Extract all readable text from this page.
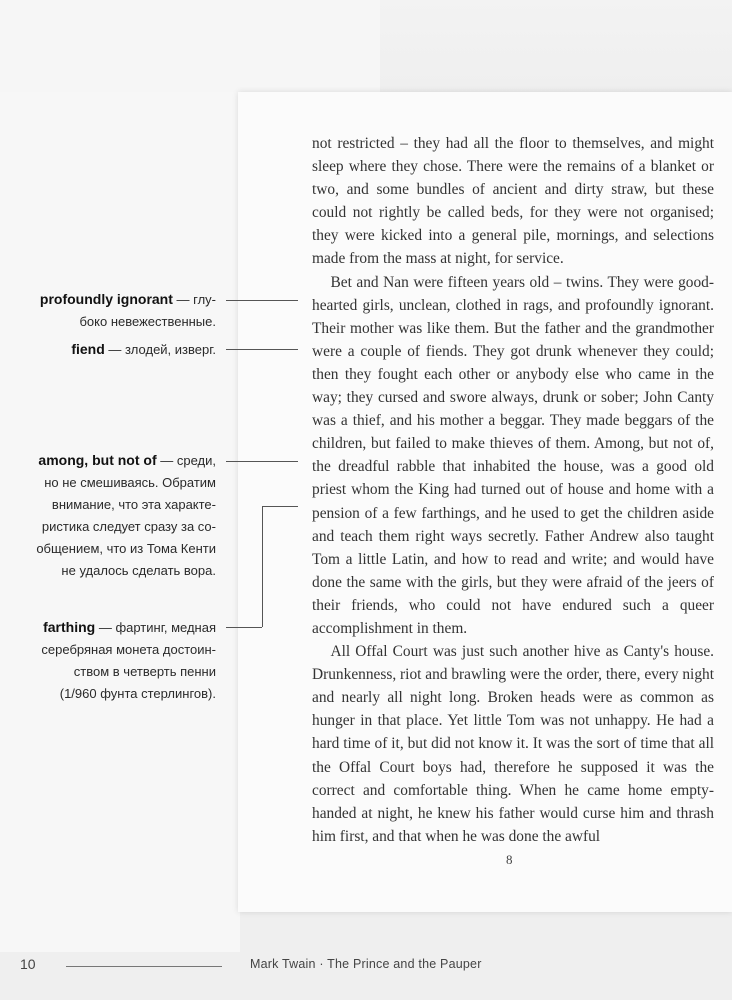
not restricted – they had all the floor to themselves, and might sleep where they chose. There were the remains of a blanket or two, and some bundles of ancient and dirty straw, but these could not rightly be called beds, for they were not organised; they were kicked into a general pile, mornings, and selections made from the mass at night, for service.

Bet and Nan were fifteen years old – twins. They were good-hearted girls, unclean, clothed in rags, and profoundly ignorant. Their mother was like them. But the father and the grandmother were a couple of fiends. They got drunk whenever they could; then they fought each other or anybody else who came in the way; they cursed and swore always, drunk or sober; John Canty was a thief, and his mother a beggar. They made beggars of the children, but failed to make thieves of them. Among, but not of, the dreadful rabble that inhabited the house, was a good old priest whom the King had turned out of house and home with a pension of a few farthings, and he used to get the children aside and teach them right ways secretly. Father Andrew also taught Tom a little Latin, and how to read and write; and would have done the same with the girls, but they were afraid of the jeers of their friends, who could not have endured such a queer accomplishment in them.

All Offal Court was just such another hive as Canty's house. Drunkenness, riot and brawling were the order, there, every night and nearly all night long. Broken heads were as common as hunger in that place. Yet little Tom was not unhappy. He had a hard time of it, but did not know it. It was the sort of time that all the Offal Court boys had, therefore he supposed it was the correct and comfortable thing. When he came home empty-handed at night, he knew his father would curse him and thrash him first, and that when he was done the awful

8
profoundly ignorant — глу-
боко невежественные.
fiend — злодей, изверг.
among, but not of — среди,
но не смешиваясь. Обратим
внимание, что эта характе-
ристика следует сразу за со-
общением, что из Тома Кенти
не удалось сделать вора.
farthing — фартинг, медная
серебряная монета достоин-
ством в четверть пенни
(1/960 фунта стерлингов).
10	Mark Twain · The Prince and the Pauper
